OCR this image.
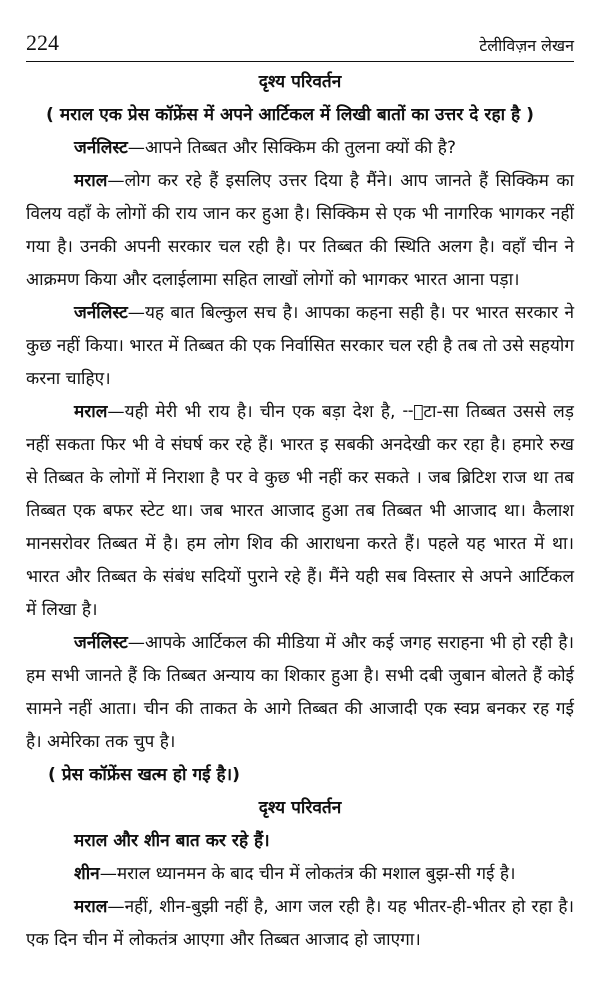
224	टेलीविज़न लेखन

दृश्य परिवर्तन

( मराल एक प्रेस कॉफ्रेंस में अपने आर्टिकल में लिखी बातों का उत्तर दे रहा है )

जर्नलिस्ट—आपने तिब्बत और सिक्किम की तुलना क्यों की है?

मराल—लोग कर रहे हैं इसलिए उत्तर दिया है मैंने। आप जानते हैं सिक्किम का विलय वहाँ के लोगों की राय जान कर हुआ है। सिक्किम से एक भी नागरिक भागकर नहीं गया है। उनकी अपनी सरकार चल रही है। पर तिब्बत की स्थिति अलग है। वहाँ चीन ने आक्रमण किया और दलाईलामा सहित लाखों लोगों को भागकर भारत आना पड़ा।

जर्नलिस्ट—यह बात बिल्कुल सच है। आपका कहना सही है। पर भारत सरकार ने कुछ नहीं किया। भारत में तिब्बत की एक निर्वासित सरकार चल रही है तब तो उसे सहयोग करना चाहिए।

मराल—यही मेरी भी राय है। चीन एक बड़ा देश है, ╌ाटा-सा तिब्बत उससे लड़ नहीं सकता फिर भी वे संघर्ष कर रहे हैं। भारत इ‍ सबकी अनदेखी कर रहा है। हमारे रुख से तिब्बत के लोगों में निराशा है पर वे कुछ भी नहीं कर सकते । जब ब्रिटिश राज था तब तिब्बत एक बफर स्टेट था। जब भारत आजाद हुआ तब तिब्बत भी आजाद था। कैलाश मानसरोवर तिब्बत में है। हम लोग शिव की आराधना करते हैं। पहले यह भारत में था। भारत और तिब्बत के संबंध सदियों पुराने रहे हैं। मैंने यही सब विस्तार से अपने आर्टिकल में लिखा है।

जर्नलिस्ट—आपके आर्टिकल की मीडिया में और कई जगह सराहना भी हो रही है। हम सभी जानते हैं कि तिब्बत अन्याय का शिकार हुआ है। सभी दबी जुबान बोलते हैं कोई सामने नहीं आता। चीन की ताकत के आगे तिब्बत की आजादी एक स्वप्न बनकर रह गई है। अमेरिका तक चुप है।

( प्रेस कॉफ्रेंस खत्म हो गई है।)

दृश्य परिवर्तन

मराल और शीन बात कर रहे हैं।

शीन—मराल ध्यानमन के बाद चीन में लोकतंत्र की मशाल बुझ-सी गई है।

मराल—नहीं, शीन-बुझी नहीं है, आग जल रही है। यह भीतर-ही-भीतर हो रहा है। एक दिन चीन में लोकतंत्र आएगा और तिब्बत आजाद हो जाएगा।
